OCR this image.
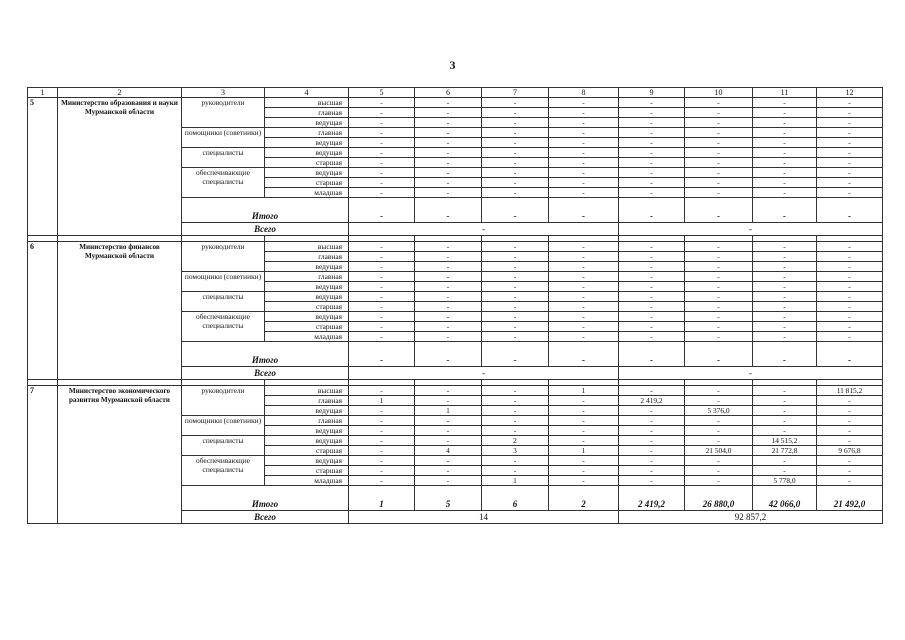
3
1	2	3	4	5	6	7	8	9	10	11	12
5	Министерство образования и науки Мурманской области	руководители	высшая	-	-	-	-	-	-	-	-
			главная	-	-	-	-	-	-	-	-
			ведущая	-	-	-	-	-	-	-	-
		помощники (советники)	главная	-	-	-	-	-	-	-	-
			ведущая	-	-	-	-	-	-	-	-
		специалисты	ведущая	-	-	-	-	-	-	-	-
			старшая	-	-	-	-	-	-	-	-
		обеспечивающие специалисты	ведущая	-	-	-	-	-	-	-	-
			старшая	-	-	-	-	-	-	-	-
			младшая	-	-	-	-	-	-	-	-
		Итого		-	-	-	-	-	-	-	-
		Всего		-				-			

6	Министерство финансов Мурманской области	руководители	высшая	-	-	-	-	-	-	-	-
			главная	-	-	-	-	-	-	-	-
			ведущая	-	-	-	-	-	-	-	-
		помощники (советники)	главная	-	-	-	-	-	-	-	-
			ведущая	-	-	-	-	-	-	-	-
		специалисты	ведущая	-	-	-	-	-	-	-	-
			старшая	-	-	-	-	-	-	-	-
		обеспечивающие специалисты	ведущая	-	-	-	-	-	-	-	-
			старшая	-	-	-	-	-	-	-	-
			младшая	-	-	-	-	-	-	-	-
		Итого		-	-	-	-	-	-	-	-
		Всего		-				-			

7	Министерство экономического развития Мурманской области	руководители	высшая	-	-	-	1	-	-	-	11 815,2
			главная	1	-	-	-	2 419,2	-	-	-
			ведущая	-	1	-	-	-	5 376,0	-	-
		помощники (советники)	главная	-	-	-	-	-	-	-	-
			ведущая	-	-	-	-	-	-	-	-
		специалисты	ведущая	-	-	2	-	-	-	14 515,2	-
			старшая	-	4	3	1	-	21 504,0	21 772,8	9 676,8
		обеспечивающие специалисты	ведущая	-	-	-	-	-	-	-	-
			старшая	-	-	-	-	-	-	-	-
			младшая	-	-	1	-	-	-	5 778,0	-
		Итого		1	5	6	2	2 419,2	26 880,0	42 066,0	21 492,0
		Всего		14				92 857,2			
